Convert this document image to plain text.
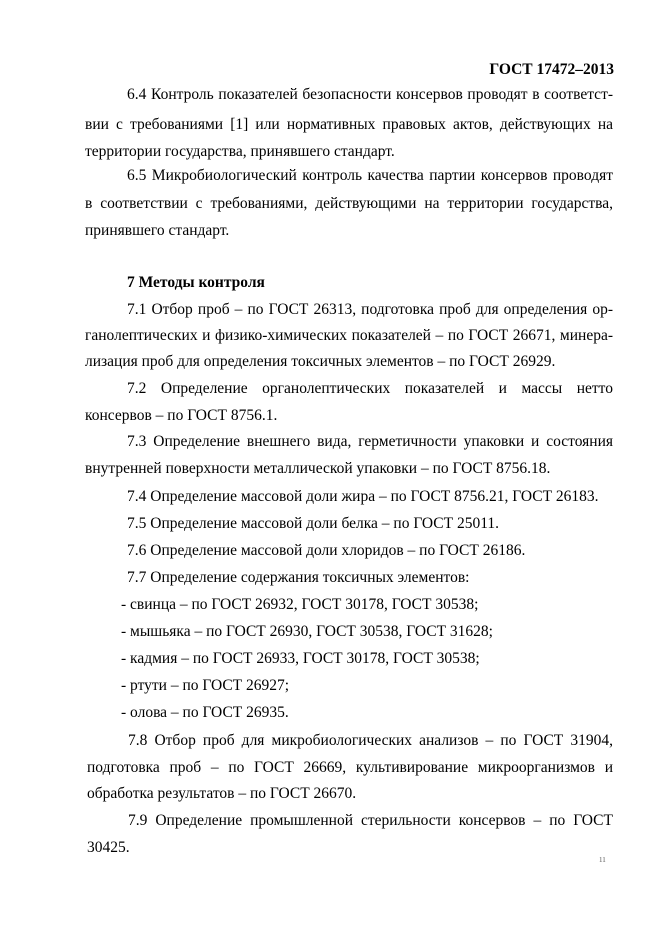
ГОСТ 17472–2013
6.4 Контроль показателей безопасности консервов проводят в соответст-
вии с требованиями [1] или нормативных правовых актов, действующих на
территории государства, принявшего стандарт.
6.5 Микробиологический контроль качества партии консервов проводят
в соответствии с требованиями, действующими на территории государства,
принявшего стандарт.
7 Методы контроля
7.1 Отбор проб – по ГОСТ 26313, подготовка проб для определения ор-
ганолептических и физико-химических показателей – по ГОСТ 26671, минера-
лизация проб для определения токсичных элементов – по ГОСТ 26929.
7.2 Определение органолептических показателей и массы нетто
консервов – по ГОСТ 8756.1.
7.3 Определение внешнего вида, герметичности упаковки и состояния
внутренней поверхности металлической упаковки – по ГОСТ 8756.18.
7.4 Определение массовой доли жира – по ГОСТ 8756.21, ГОСТ 26183.
7.5 Определение массовой доли белка – по ГОСТ 25011.
7.6 Определение массовой доли хлоридов – по ГОСТ 26186.
7.7 Определение содержания токсичных элементов:
- свинца – по ГОСТ 26932, ГОСТ 30178, ГОСТ 30538;
- мышьяка – по ГОСТ 26930, ГОСТ 30538, ГОСТ 31628;
- кадмия – по ГОСТ 26933, ГОСТ 30178, ГОСТ 30538;
- ртути – по ГОСТ 26927;
- олова – по ГОСТ 26935.
7.8 Отбор проб для микробиологических анализов – по ГОСТ 31904,
подготовка проб – по ГОСТ 26669, культивирование микроорганизмов и
обработка результатов – по ГОСТ 26670.
7.9 Определение промышленной стерильности консервов – по ГОСТ
30425.
11
